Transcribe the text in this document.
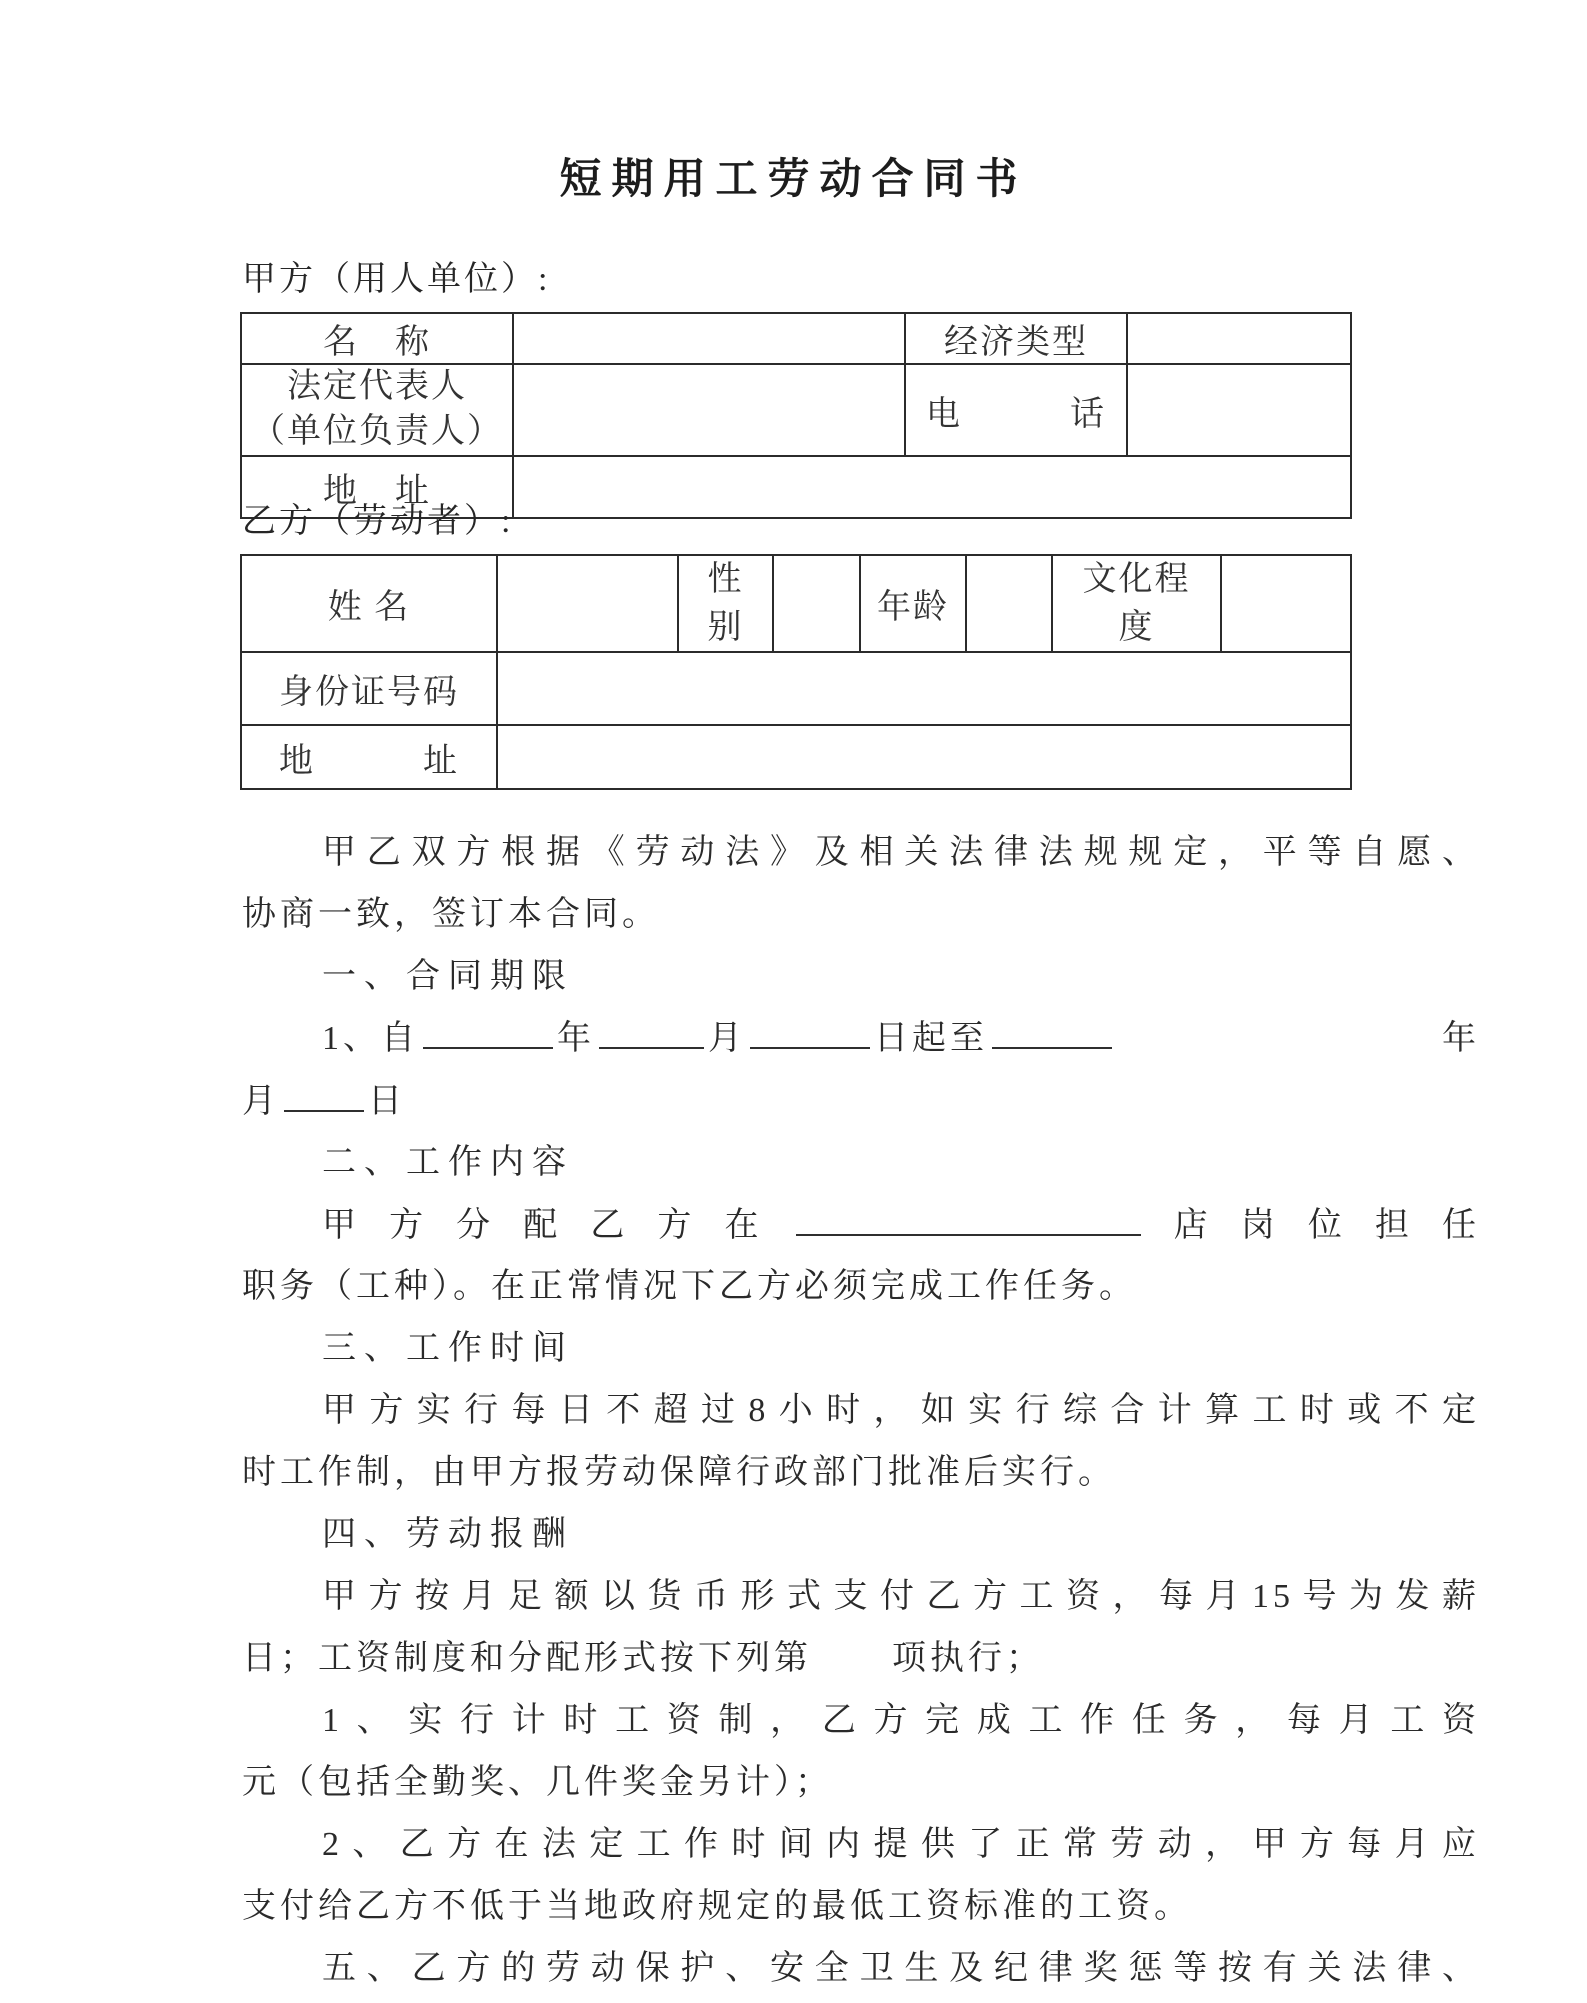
短期用工劳动合同书
甲方（用人单位）:
名　称		经济类型	

法定代表人
（单位负责人）		电　　　话	
地　址			
乙方（劳动者）:
姓 名		性别		年龄		文化程度	

身份证号码							
地　　　址							
甲乙双方根据《劳动法》及相关法律法规规定，平等自愿、
协商一致，签订本合同。
一、合同期限
1、自	年	月	日起至	年
月	日
二、工作内容
甲方分配乙方在	店岗位担任
职务（工种）。在正常情况下乙方必须完成工作任务。
三、工作时间
甲方实行每日不超过8小时，如实行综合计算工时或不定
时工作制，由甲方报劳动保障行政部门批准后实行。
四、劳动报酬
甲方按月足额以货币形式支付乙方工资，每月15号为发薪
日；工资制度和分配形式按下列第 项执行；
1、实行计时工资制，乙方完成工作任务，每月工资
元（包括全勤奖、几件奖金另计）；
2、乙方在法定工作时间内提供了正常劳动，甲方每月应
支付给乙方不低于当地政府规定的最低工资标准的工资。
五、乙方的劳动保护、安全卫生及纪律奖惩等按有关法律、
